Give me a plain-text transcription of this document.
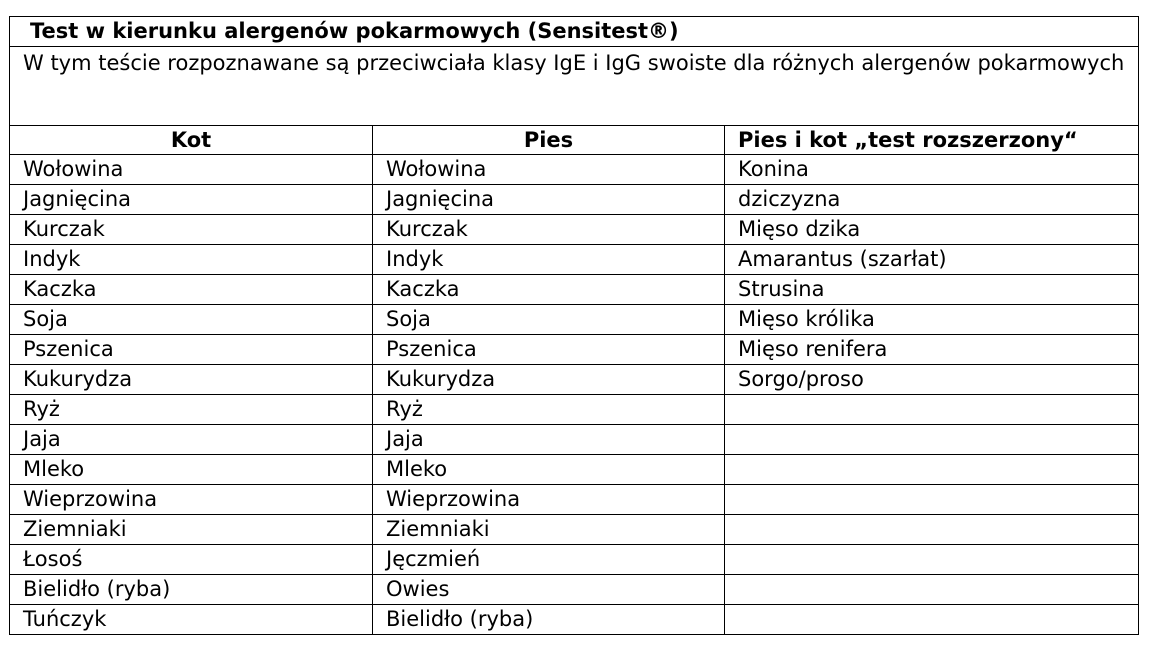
Test w kierunku alergenów pokarmowych (Sensitest®)		
W tym teście rozpoznawane są przeciwciała klasy IgE i IgG swoiste dla różnych alergenów pokarmowych		
Kot	Pies	Pies i kot „test rozszerzony“
Wołowina	Wołowina	Konina
Jagnięcina	Jagnięcina	dziczyzna
Kurczak	Kurczak	Mięso dzika
Indyk	Indyk	Amarantus (szarłat)
Kaczka	Kaczka	Strusina
Soja	Soja	Mięso królika
Pszenica	Pszenica	Mięso renifera
Kukurydza	Kukurydza	Sorgo/proso
Ryż	Ryż	
Jaja	Jaja	
Mleko	Mleko	
Wieprzowina	Wieprzowina	
Ziemniaki	Ziemniaki	
Łosoś	Jęczmień	
Bielidło (ryba)	Owies	
Tuńczyk	Bielidło (ryba)	
